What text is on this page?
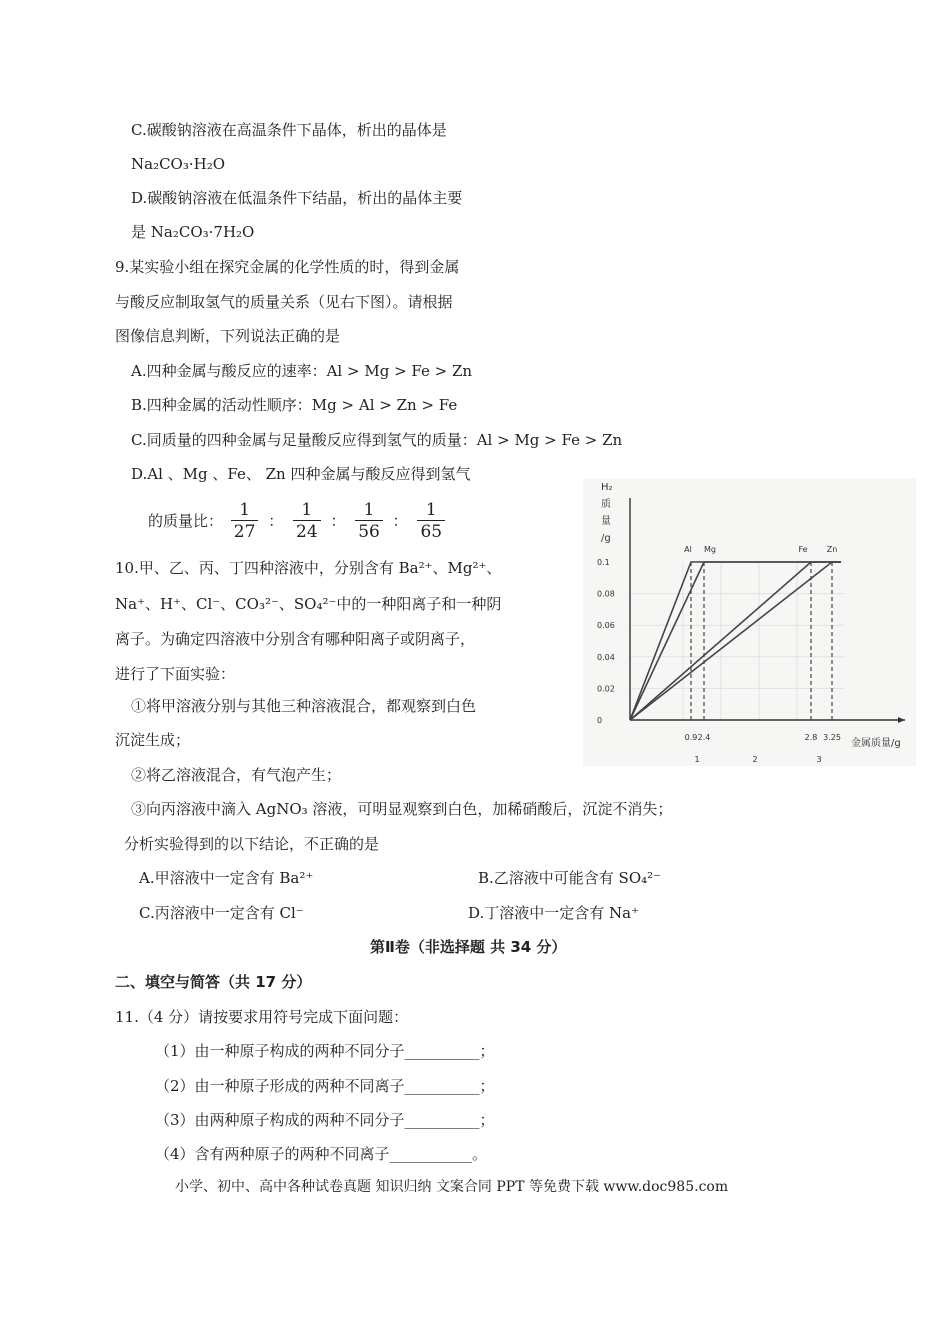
C.碳酸钠溶液在高温条件下晶体，析出的晶体是
Na₂CO₃·H₂O
D.碳酸钠溶液在低温条件下结晶，析出的晶体主要
是 Na₂CO₃·7H₂O
9.某实验小组在探究金属的化学性质的时，得到金属
与酸反应制取氢气的质量关系（见右下图）。请根据
图像信息判断，下列说法正确的是
A.四种金属与酸反应的速率：Al > Mg > Fe > Zn
B.四种金属的活动性顺序：Mg > Al > Zn > Fe
C.同质量的四种金属与足量酸反应得到氢气的质量：Al > Mg > Fe > Zn
D.Al 、Mg 、Fe、 Zn 四种金属与酸反应得到氢气
的质量比： $\frac{1}{27}$ ： $\frac{1}{24}$ ： $\frac{1}{56}$ ： $\frac{1}{65}$
10.甲、乙、丙、丁四种溶液中，分别含有 Ba²⁺、Mg²⁺、
Na⁺、H⁺、Cl⁻、CO₃²⁻、SO₄²⁻中的一种阳离子和一种阴
离子。为确定四溶液中分别含有哪种阳离子或阴离子，
进行了下面实验：
①将甲溶液分别与其他三种溶液混合，都观察到白色
沉淀生成；
②将乙溶液混合，有气泡产生；
③向丙溶液中滴入 AgNO₃ 溶液，可明显观察到白色，加稀硝酸后，沉淀不消失；
分析实验得到的以下结论，不正确的是
A.甲溶液中一定含有 Ba²⁺	B.乙溶液中可能含有 SO₄²⁻
C.丙溶液中一定含有 Cl⁻	D.丁溶液中一定含有 Na⁺
第Ⅱ卷（非选择题 共 34 分）
二、填空与简答（共 17 分）
11.（4 分）请按要求用符号完成下面问题：
（1）由一种原子构成的两种不同分子__________；
（2）由一种原子形成的两种不同离子__________；
（3）由两种原子构成的两种不同分子__________；
（4）含有两种原子的两种不同离子___________。
小学、初中、高中各种试卷真题 知识归纳 文案合同 PPT 等免费下载 www.doc985.com
H₂
质
量
/g
0
0.02
0.04
0.06
0.08
0.1
Al Mg	Fe Zn
0.9 2.4	2.8 3.25
1	2	3
金属质量/g
